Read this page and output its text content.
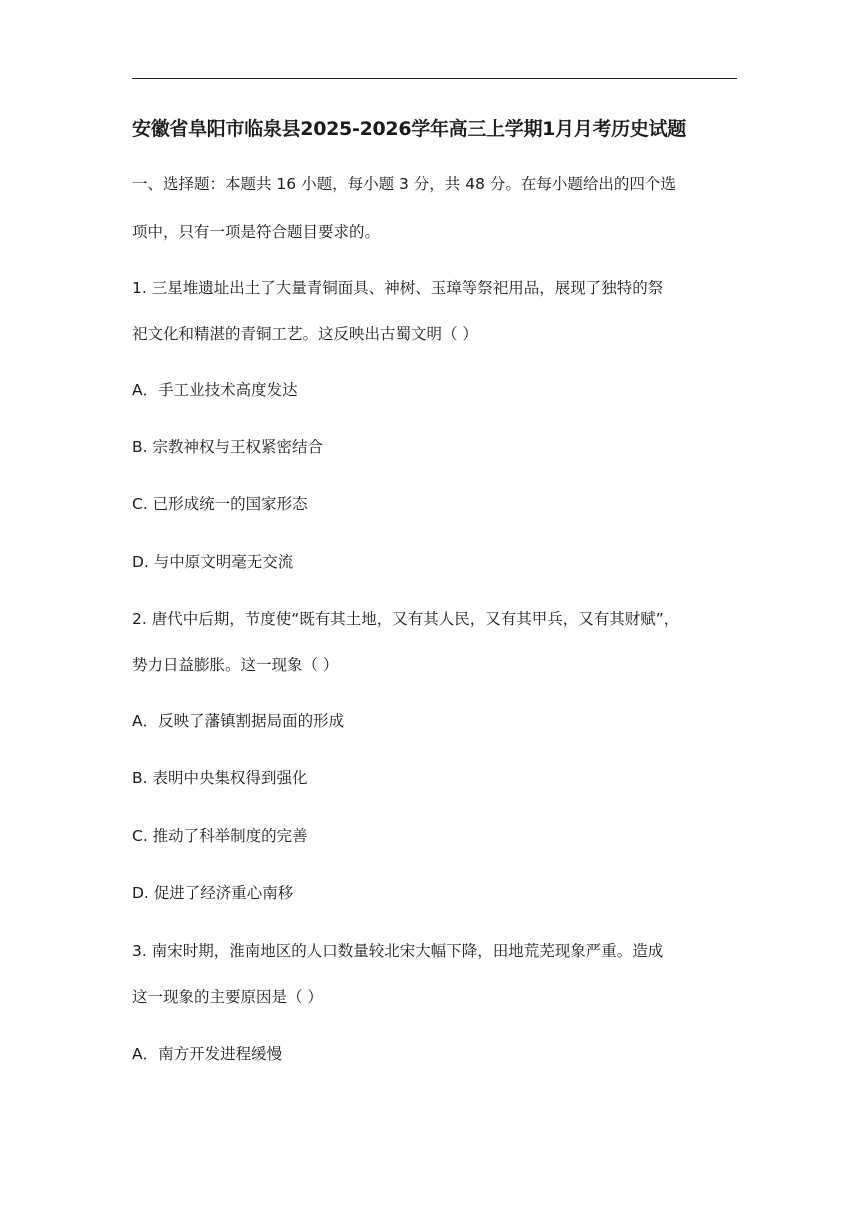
安徽省阜阳市临泉县2025-2026学年高三上学期1月月考历史试题
一、选择题：本题共 16 小题，每小题 3 分，共 48 分。在每小题给出的四个选
项中，只有一项是符合题目要求的。
1. 三星堆遗址出土了大量青铜面具、神树、玉璋等祭祀用品，展现了独特的祭
祀文化和精湛的青铜工艺。这反映出古蜀文明（ ）
A．手工业技术高度发达
B. 宗教神权与王权紧密结合
C. 已形成统一的国家形态
D. 与中原文明毫无交流
2. 唐代中后期，节度使“既有其土地，又有其人民，又有其甲兵，又有其财赋”，
势力日益膨胀。这一现象（ ）
A．反映了藩镇割据局面的形成
B. 表明中央集权得到强化
C. 推动了科举制度的完善
D. 促进了经济重心南移
3. 南宋时期，淮南地区的人口数量较北宋大幅下降，田地荒芜现象严重。造成
这一现象的主要原因是（ ）
A．南方开发进程缓慢
